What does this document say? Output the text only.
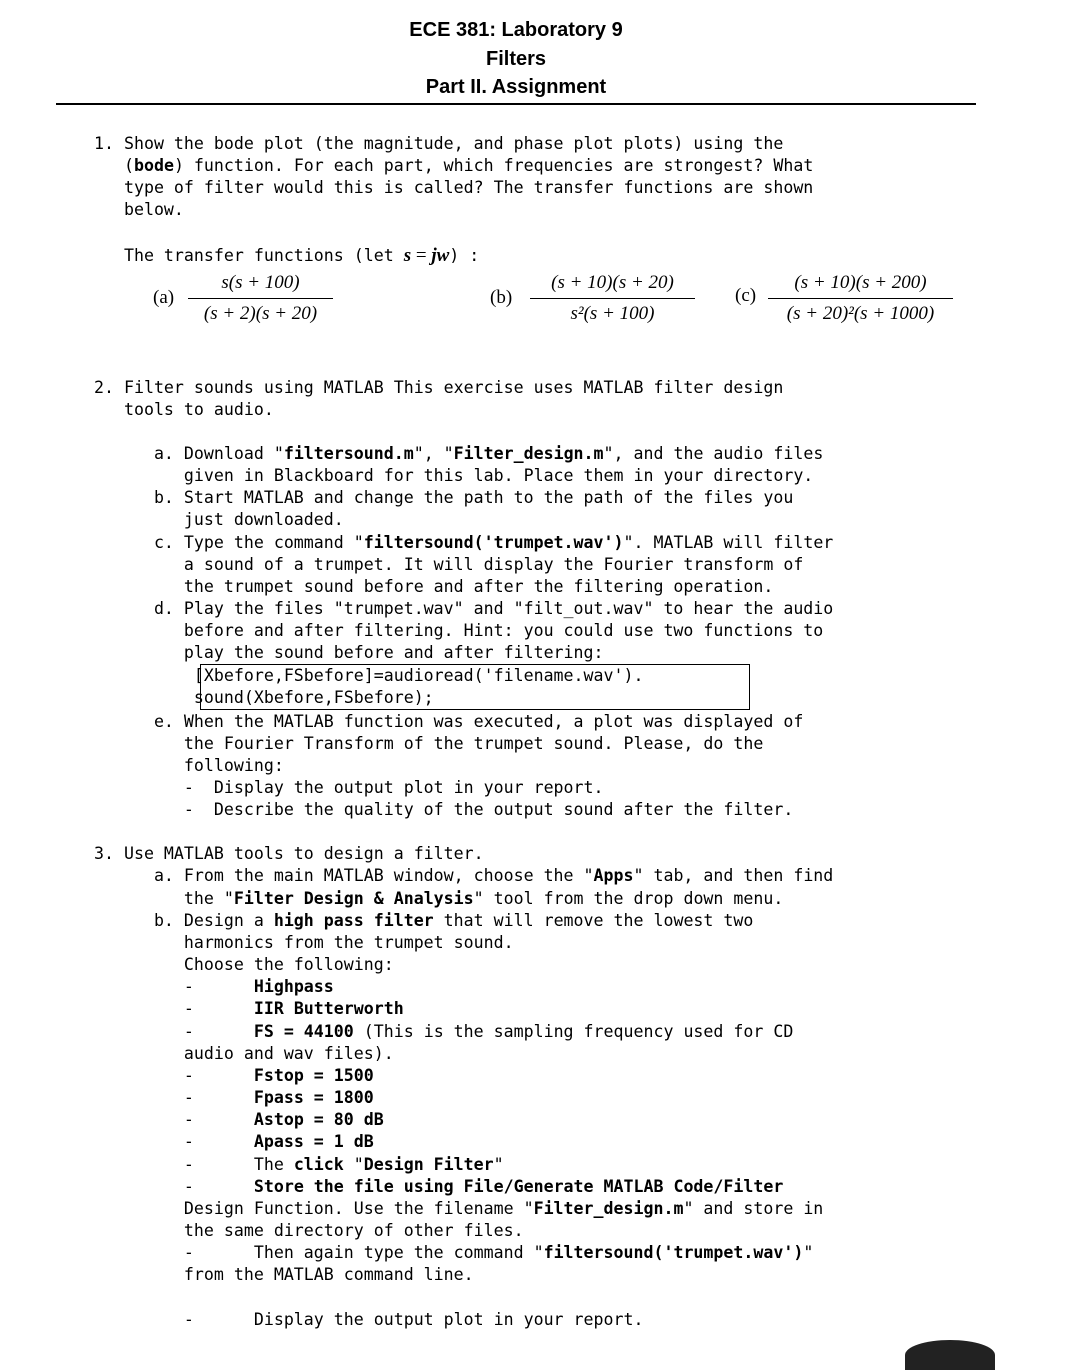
ECE 381: Laboratory 9
Filters
Part II. Assignment
1. Show the bode plot (the magnitude, and phase plot plots) using the
(bode) function. For each part, which frequencies are strongest? What
type of filter would this is called? The transfer functions are shown
below.
The transfer functions (let s = jw) :
(a)
s(s + 100)
(s + 2)(s + 20)
(b)
(s + 10)(s + 20)
s²(s + 100)
(c)
(s + 10)(s + 200)
(s + 20)²(s + 1000)
2. Filter sounds using MATLAB This exercise uses MATLAB filter design
tools to audio.
a. Download "filtersound.m", "Filter_design.m", and the audio files
given in Blackboard for this lab. Place them in your directory.
b. Start MATLAB and change the path to the path of the files you
just downloaded.
c. Type the command "filtersound('trumpet.wav')". MATLAB will filter
a sound of a trumpet. It will display the Fourier transform of
the trumpet sound before and after the filtering operation.
d. Play the files "trumpet.wav" and "filt_out.wav" to hear the audio
before and after filtering. Hint: you could use two functions to
play the sound before and after filtering:
[Xbefore,FSbefore]=audioread('filename.wav').
sound(Xbefore,FSbefore);
e. When the MATLAB function was executed, a plot was displayed of
the Fourier Transform of the trumpet sound. Please, do the
following:
-  Display the output plot in your report.
-  Describe the quality of the output sound after the filter.
3. Use MATLAB tools to design a filter.
a. From the main MATLAB window, choose the "Apps" tab, and then find
the "Filter Design & Analysis" tool from the drop down menu.
b. Design a high pass filter that will remove the lowest two
harmonics from the trumpet sound.
Choose the following:
-      Highpass
-      IIR Butterworth
-      FS = 44100 (This is the sampling frequency used for CD
audio and wav files).
-      Fstop = 1500
-      Fpass = 1800
-      Astop = 80 dB
-      Apass = 1 dB
-      The click "Design Filter"
-      Store the file using File/Generate MATLAB Code/Filter
Design Function. Use the filename "Filter_design.m" and store in
the same directory of other files.
-      Then again type the command "filtersound('trumpet.wav')"
from the MATLAB command line.
-      Display the output plot in your report.
